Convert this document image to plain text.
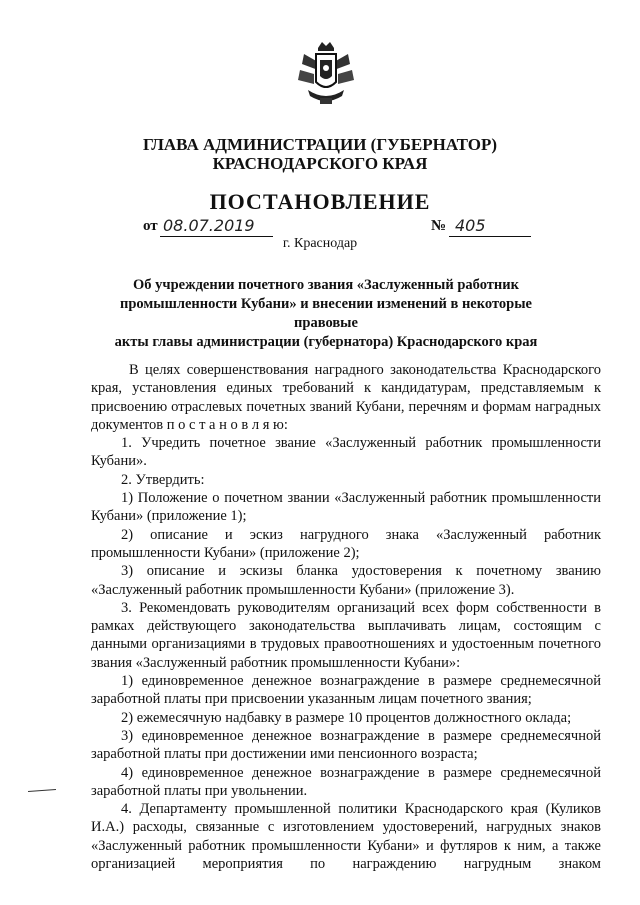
ГЛАВА АДМИНИСТРАЦИИ (ГУБЕРНАТОР)
КРАСНОДАРСКОГО КРАЯ
ПОСТАНОВЛЕНИЕ
от 08.07.2019	№ 405
г. Краснодар
Об учреждении почетного звания «Заслуженный работник
промышленности Кубани» и внесении изменений в некоторые правовые
акты главы администрации (губернатора) Краснодарского края

В целях совершенствования наградного законодательства Краснодарского края, установления единых требований к кандидатурам, представляемым к присвоению отраслевых почетных званий Кубани, перечням и формам наградных документов п о с т а н о в л я ю:

1. Учредить почетное звание «Заслуженный работник промышленности Кубани».

2. Утвердить:

1) Положение о почетном звании «Заслуженный работник промышленности Кубани» (приложение 1);

2) описание и эскиз нагрудного знака «Заслуженный работник промышленности Кубани» (приложение 2);

3) описание и эскизы бланка удостоверения к почетному званию «Заслуженный работник промышленности Кубани» (приложение 3).

3. Рекомендовать руководителям организаций всех форм собственности в рамках действующего законодательства выплачивать лицам, состоящим с данными организациями в трудовых правоотношениях и удостоенным почетного звания «Заслуженный работник промышленности Кубани»:

1) единовременное денежное вознаграждение в размере среднемесячной заработной платы при присвоении указанным лицам почетного звания;

2) ежемесячную надбавку в размере 10 процентов должностного оклада;

3) единовременное денежное вознаграждение в размере среднемесячной заработной платы при достижении ими пенсионного возраста;

4) единовременное денежное вознаграждение в размере среднемесячной заработной платы при увольнении.

4. Департаменту промышленной политики Краснодарского края (Куликов И.А.) расходы, связанные с изготовлением удостоверений, нагрудных знаков «Заслуженный работник промышленности Кубани» и футляров к ним, а также организацией мероприятия по награждению нагрудным знаком
